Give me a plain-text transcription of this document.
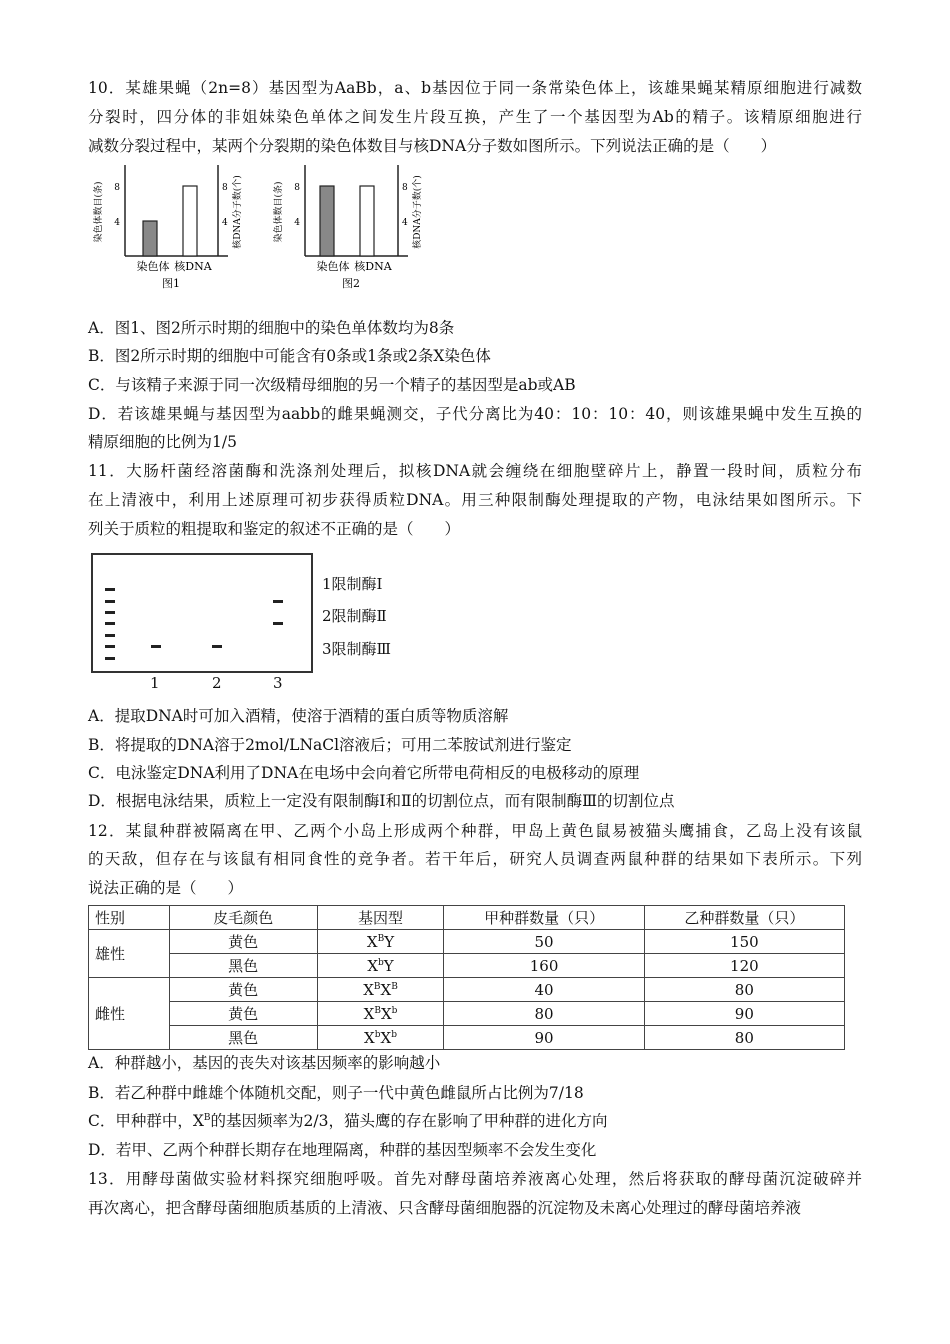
10．某雄果蝇（2n=8）基因型为AaBb，a、b基因位于同一条常染色体上，该雄果蝇某精原细胞进行减数
分裂时，四分体的非姐妹染色单体之间发生片段互换，产生了一个基因型为Ab的精子。该精原细胞进行
减数分裂过程中，某两个分裂期的染色体数目与核DNA分子数如图所示。下列说法正确的是（　　）
4	4
8	8
染色体 核DNA
图1
染色体数目(条)	核DNA分子数(个)	4	4
8	8
染色体 核DNA
图2
染色体数目(条)	核DNA分子数(个)
A．图1、图2所示时期的细胞中的染色单体数均为8条
B．图2所示时期的细胞中可能含有0条或1条或2条X染色体
C．与该精子来源于同一次级精母细胞的另一个精子的基因型是ab或AB
D．若该雄果蝇与基因型为aabb的雌果蝇测交，子代分离比为40：10：10：40，则该雄果蝇中发生互换的
精原细胞的比例为1/5
11．大肠杆菌经溶菌酶和洗涤剂处理后，拟核DNA就会缠绕在细胞壁碎片上，静置一段时间，质粒分布
在上清液中，利用上述原理可初步获得质粒DNA。用三种限制酶处理提取的产物，电泳结果如图所示。下
列关于质粒的粗提取和鉴定的叙述不正确的是（　　）
1	2	3
1限制酶Ⅰ
2限制酶Ⅱ
3限制酶Ⅲ
A．提取DNA时可加入酒精，使溶于酒精的蛋白质等物质溶解
B．将提取的DNA溶于2mol/LNaCl溶液后；可用二苯胺试剂进行鉴定
C．电泳鉴定DNA利用了DNA在电场中会向着它所带电荷相反的电极移动的原理
D．根据电泳结果，质粒上一定没有限制酶Ⅰ和Ⅱ的切割位点，而有限制酶Ⅲ的切割位点
12．某鼠种群被隔离在甲、乙两个小岛上形成两个种群，甲岛上黄色鼠易被猫头鹰捕食，乙岛上没有该鼠
的天敌，但存在与该鼠有相同食性的竞争者。若干年后，研究人员调查两鼠种群的结果如下表所示。下列
说法正确的是（　　）
性别	皮毛颜色	基因型	甲种群数量（只）	乙种群数量（只）
雄性	黄色	$X^BY$	50	150
	黑色	$X^bY$	160	120
雌性	黄色	$X^BX^B$	40	80
	黄色	$X^BX^b$	80	90
	黑色	$X^bX^b$	90	80
A．种群越小，基因的丧失对该基因频率的影响越小
B．若乙种群中雌雄个体随机交配，则子一代中黄色雌鼠所占比例为7/18
C．甲种群中，$X^B$的基因频率为2/3，猫头鹰的存在影响了甲种群的进化方向
D．若甲、乙两个种群长期存在地理隔离，种群的基因型频率不会发生变化
13．用酵母菌做实验材料探究细胞呼吸。首先对酵母菌培养液离心处理，然后将获取的酵母菌沉淀破碎并
再次离心，把含酵母菌细胞质基质的上清液、只含酵母菌细胞器的沉淀物及未离心处理过的酵母菌培养液
